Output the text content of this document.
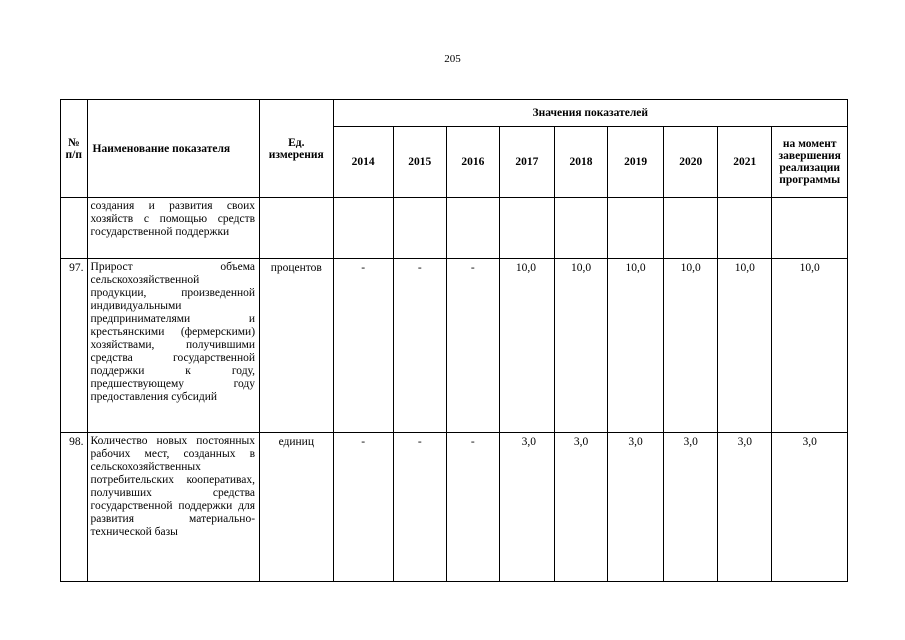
205
№ п/п	Наименование показателя	Ед. измерения	Значения показателей								
			2014	2015	2016	2017	2018	2019	2020	2021	на момент завершения реализации программы
	создания и развития своих хозяйств с помощью средств государственной поддержки										
97.	Прирост объема сельскохозяйственной продукции, произведенной индивидуальными предпринимателями и крестьянскими (фермерскими) хозяйствами, получившими средства государственной поддержки к году, предшествующему году предоставления субсидий	процентов	-	-	-	10,0	10,0	10,0	10,0	10,0	10,0
98.	Количество новых постоянных рабочих мест, созданных в сельскохозяйственных потребительских кооперативах, получивших средства государственной поддержки для развития материально-технической базы	единиц	-	-	-	3,0	3,0	3,0	3,0	3,0	3,0
